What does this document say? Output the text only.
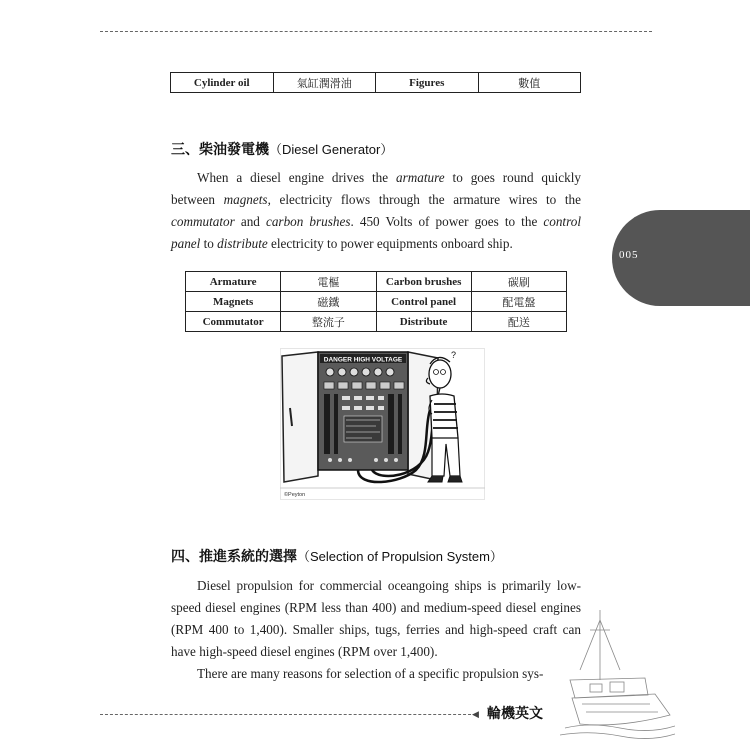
Cylinder oil	氣缸潤滑油	Figures	數值
三、柴油發電機（Diesel Generator）
When a diesel engine drives the armature to goes round quickly between magnets, electricity flows through the armature wires to the commutator and carbon brushes. 450 Volts of power goes to the control panel to distribute electricity to power equipments onboard ship.
Armature	電樞	Carbon brushes	碳刷
Magnets	磁鐵	Control panel	配電盤
Commutator	整流子	Distribute	配送
DANGER HIGH VOLTAGE	?
©Peyton
四、推進系統的選擇（Selection of Propulsion System）
Diesel propulsion for commercial oceangoing ships is primarily low-speed diesel engines (RPM less than 400) and medium-speed diesel engines (RPM 400 to 1,400). Smaller ships, tugs, ferries and high-speed craft can have high-speed diesel engines (RPM over 1,400).
There are many reasons for selection of a specific propulsion sys-
005
◀ 輪機英文
